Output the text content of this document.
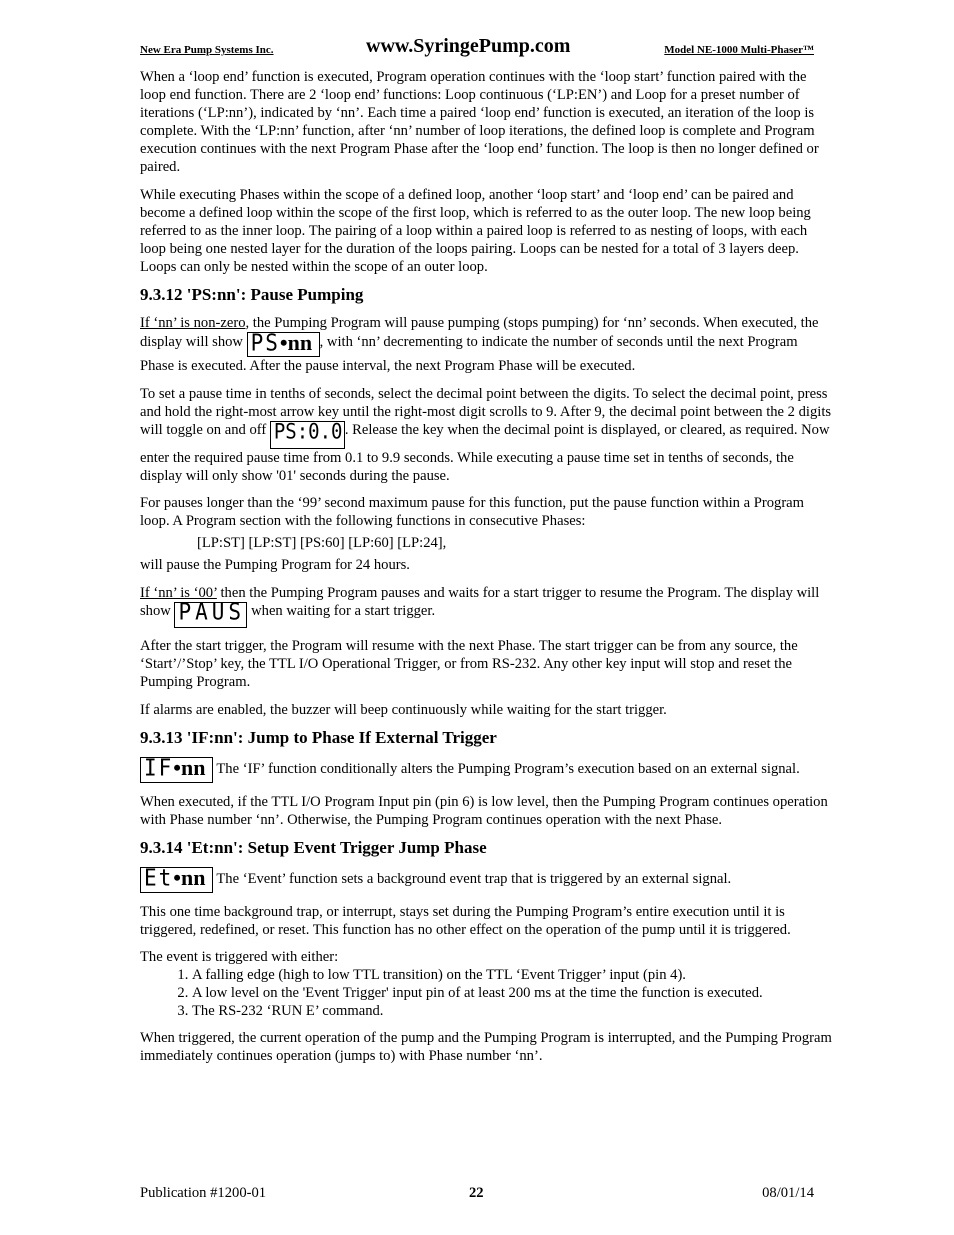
New Era Pump Systems Inc.	www.SyringePump.com	Model NE-1000 Multi-Phaser™

When a ‘loop end’ function is executed, Program operation continues with the ‘loop start’ function paired with the loop end function. There are 2 ‘loop end’ functions: Loop continuous (‘LP:EN’) and Loop for a preset number of iterations (‘LP:nn’), indicated by ‘nn’. Each time a paired ‘loop end’ function is executed, an iteration of the loop is complete. With the ‘LP:nn’ function, after ‘nn’ number of loop iterations, the defined loop is complete and Program execution continues with the next Program Phase after the ‘loop end’ function. The loop is then no longer defined or paired.

While executing Phases within the scope of a defined loop, another ‘loop start’ and ‘loop end’ can be paired and become a defined loop within the scope of the first loop, which is referred to as the outer loop. The new loop being referred to as the inner loop. The pairing of a loop within a paired loop is referred to as nesting of loops, with each loop being one nested layer for the duration of the loops pairing. Loops can be nested for a total of 3 layers deep. Loops can only be nested within the scope of an outer loop.

9.3.12 'PS:nn': Pause Pumping

If ‘nn’ is non-zero, the Pumping Program will pause pumping (stops pumping) for ‘nn’ seconds. When executed, the display will show PS•nn , with ‘nn’ decrementing to indicate the number of seconds until the next Program Phase is executed. After the pause interval, the next Program Phase will be executed.

To set a pause time in tenths of seconds, select the decimal point between the digits. To select the decimal point, press and hold the right-most arrow key until the right-most digit scrolls to 9. After 9, the decimal point between the 2 digits will toggle on and off PS:0.0 . Release the key when the decimal point is displayed, or cleared, as required. Now enter the required pause time from 0.1 to 9.9 seconds. While executing a pause time set in tenths of seconds, the display will only show '01' seconds during the pause.

For pauses longer than the ‘99’ second maximum pause for this function, put the pause function within a Program loop. A Program section with the following functions in consecutive Phases:

[LP:ST] [LP:ST] [PS:60] [LP:60] [LP:24],

will pause the Pumping Program for 24 hours.

If ‘nn’ is ‘00’ then the Pumping Program pauses and waits for a start trigger to resume the Program. The display will show PAUS when waiting for a start trigger.

After the start trigger, the Program will resume with the next Phase. The start trigger can be from any source, the ‘Start’/’Stop’ key, the TTL I/O Operational Trigger, or from RS-232. Any other key input will stop and reset the Pumping Program.

If alarms are enabled, the buzzer will beep continuously while waiting for the start trigger.

9.3.13 'IF:nn': Jump to Phase If External Trigger

IF•nn The ‘IF’ function conditionally alters the Pumping Program’s execution based on an external signal.

When executed, if the TTL I/O Program Input pin (pin 6) is low level, then the Pumping Program continues operation with Phase number ‘nn’. Otherwise, the Pumping Program continues operation with the next Phase.

9.3.14 'Et:nn': Setup Event Trigger Jump Phase

Et•nn The ‘Event’ function sets a background event trap that is triggered by an external signal.

This one time background trap, or interrupt, stays set during the Pumping Program’s entire execution until it is triggered, redefined, or reset. This function has no other effect on the operation of the pump until it is triggered.

The event is triggered with either:

1. A falling edge (high to low TTL transition) on the TTL ‘Event Trigger’ input (pin 4).
2. A low level on the 'Event Trigger' input pin of at least 200 ms at the time the function is executed.
3. The RS-232 ‘RUN E’ command.

When triggered, the current operation of the pump and the Pumping Program is interrupted, and the Pumping Program immediately continues operation (jumps to) with Phase number ‘nn’.

Publication #1200-01	22	08/01/14
